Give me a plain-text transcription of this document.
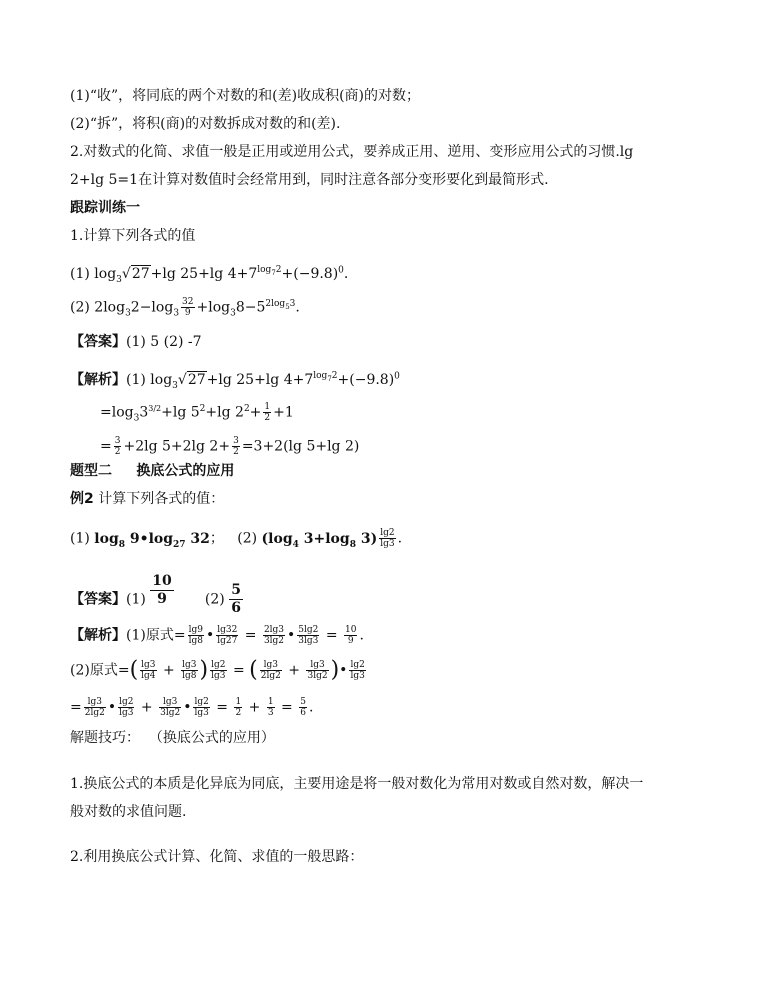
(1)“收”，将同底的两个对数的和(差)收成积(商)的对数；
(2)“拆”，将积(商)的对数拆成对数的和(差).
2.对数式的化简、求值一般是正用或逆用公式，要养成正用、逆用、变形应用公式的习惯.lg
2+lg 5=1在计算对数值时会经常用到，同时注意各部分变形要化到最简形式.
跟踪训练一
1.计算下列各式的值
(1) $\log_3√27+\lg$ 25+lg $4+7^{log_72}+(-9.8)^0$.
(2) $2\log_32-\log_3 \frac{32}{9} +\log_38-5^{2log_53}$.
【答案】(1) 5 (2) -7
【解析】(1) $\log_3√27+\lg$ 25+lg $4+7^{log_72}+(-9.8)^0$
$=\log_33^{3/2}+\lg$ $5^2+\lg$ $2^2+ \frac{1}{2} +1$
= $\frac{3}{2} +2\lg$ 5+2lg $2+ \frac{3}{2} =3+2(\lg$ 5+lg 2)
题型二 换底公式的应用
例2 计算下列各式的值：
(1) $\log_8$ $9•\log_{27}$ 32；   (2) ($\log_4$ $3+\log_8$ $3) \frac{\lg 2}{\lg 3}$ .
【答案】$(1) \frac{10}{9} (2) \frac{5}{6}$
【解析】(1)原式= $\frac{\lg 9}{\lg 8}$ • $\frac{\lg 32}{\lg 27} = \frac{2\lg 3}{3\lg 2}$ • $\frac{5\lg 2}{3\lg 3} = \frac{10}{9}$ .
(2)原式=( $\frac{\lg 3}{\lg 4} + \frac{\lg 3}{\lg 8}$ ) $\frac{\lg 2}{\lg 3}$ = ( $\frac{\lg 3}{2\lg 2} + \frac{\lg 3}{3\lg 2}$ )• $\frac{\lg 2}{\lg 3}$
= $\frac{\lg 3}{2\lg 2}$ • $\frac{\lg 2}{\lg 3} + \frac{\lg 3}{3\lg 2}$ • $\frac{\lg 2}{\lg 3} = \frac{1}{2} + \frac{1}{3} = \frac{5}{6}$ .
解题技巧： （换底公式的应用）
1.换底公式的本质是化异底为同底，主要用途是将一般对数化为常用对数或自然对数，解决一
般对数的求值问题.
2.利用换底公式计算、化简、求值的一般思路：
